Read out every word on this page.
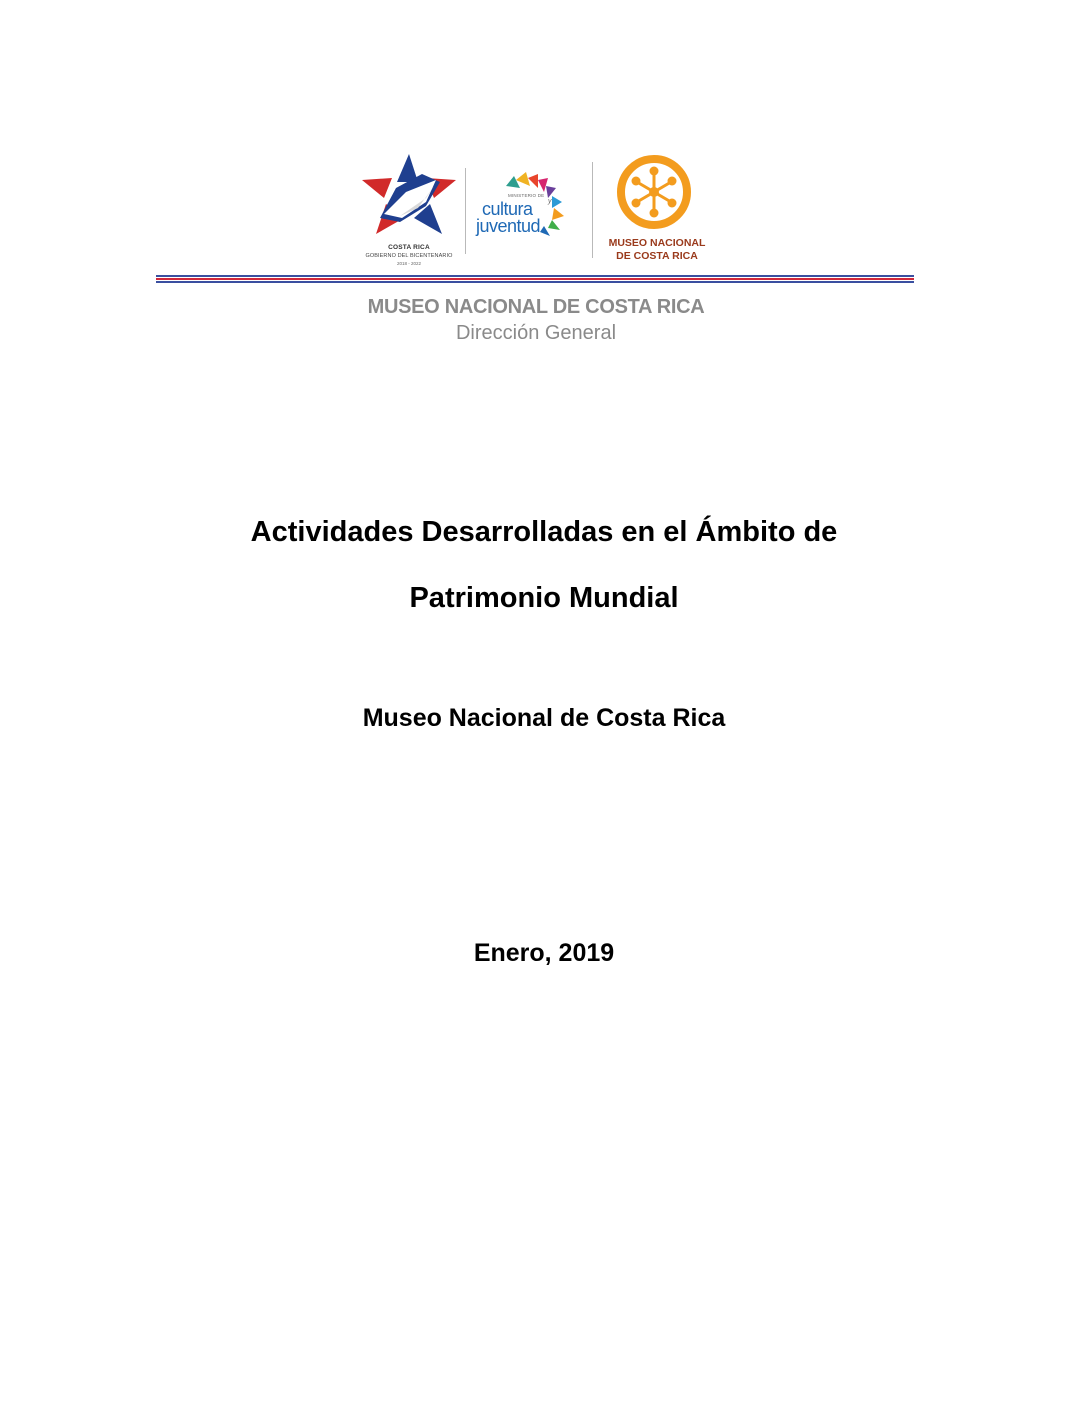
COSTA RICA
GOBIERNO DEL BICENTENARIO
2018 - 2022
MINISTERIO DE
y
cultura
juventud
MUSEO NACIONAL
DE COSTA RICA
MUSEO NACIONAL DE COSTA RICA
Dirección General
Actividades Desarrolladas en el Ámbito de
Patrimonio Mundial
Museo Nacional de Costa Rica
Enero, 2019
